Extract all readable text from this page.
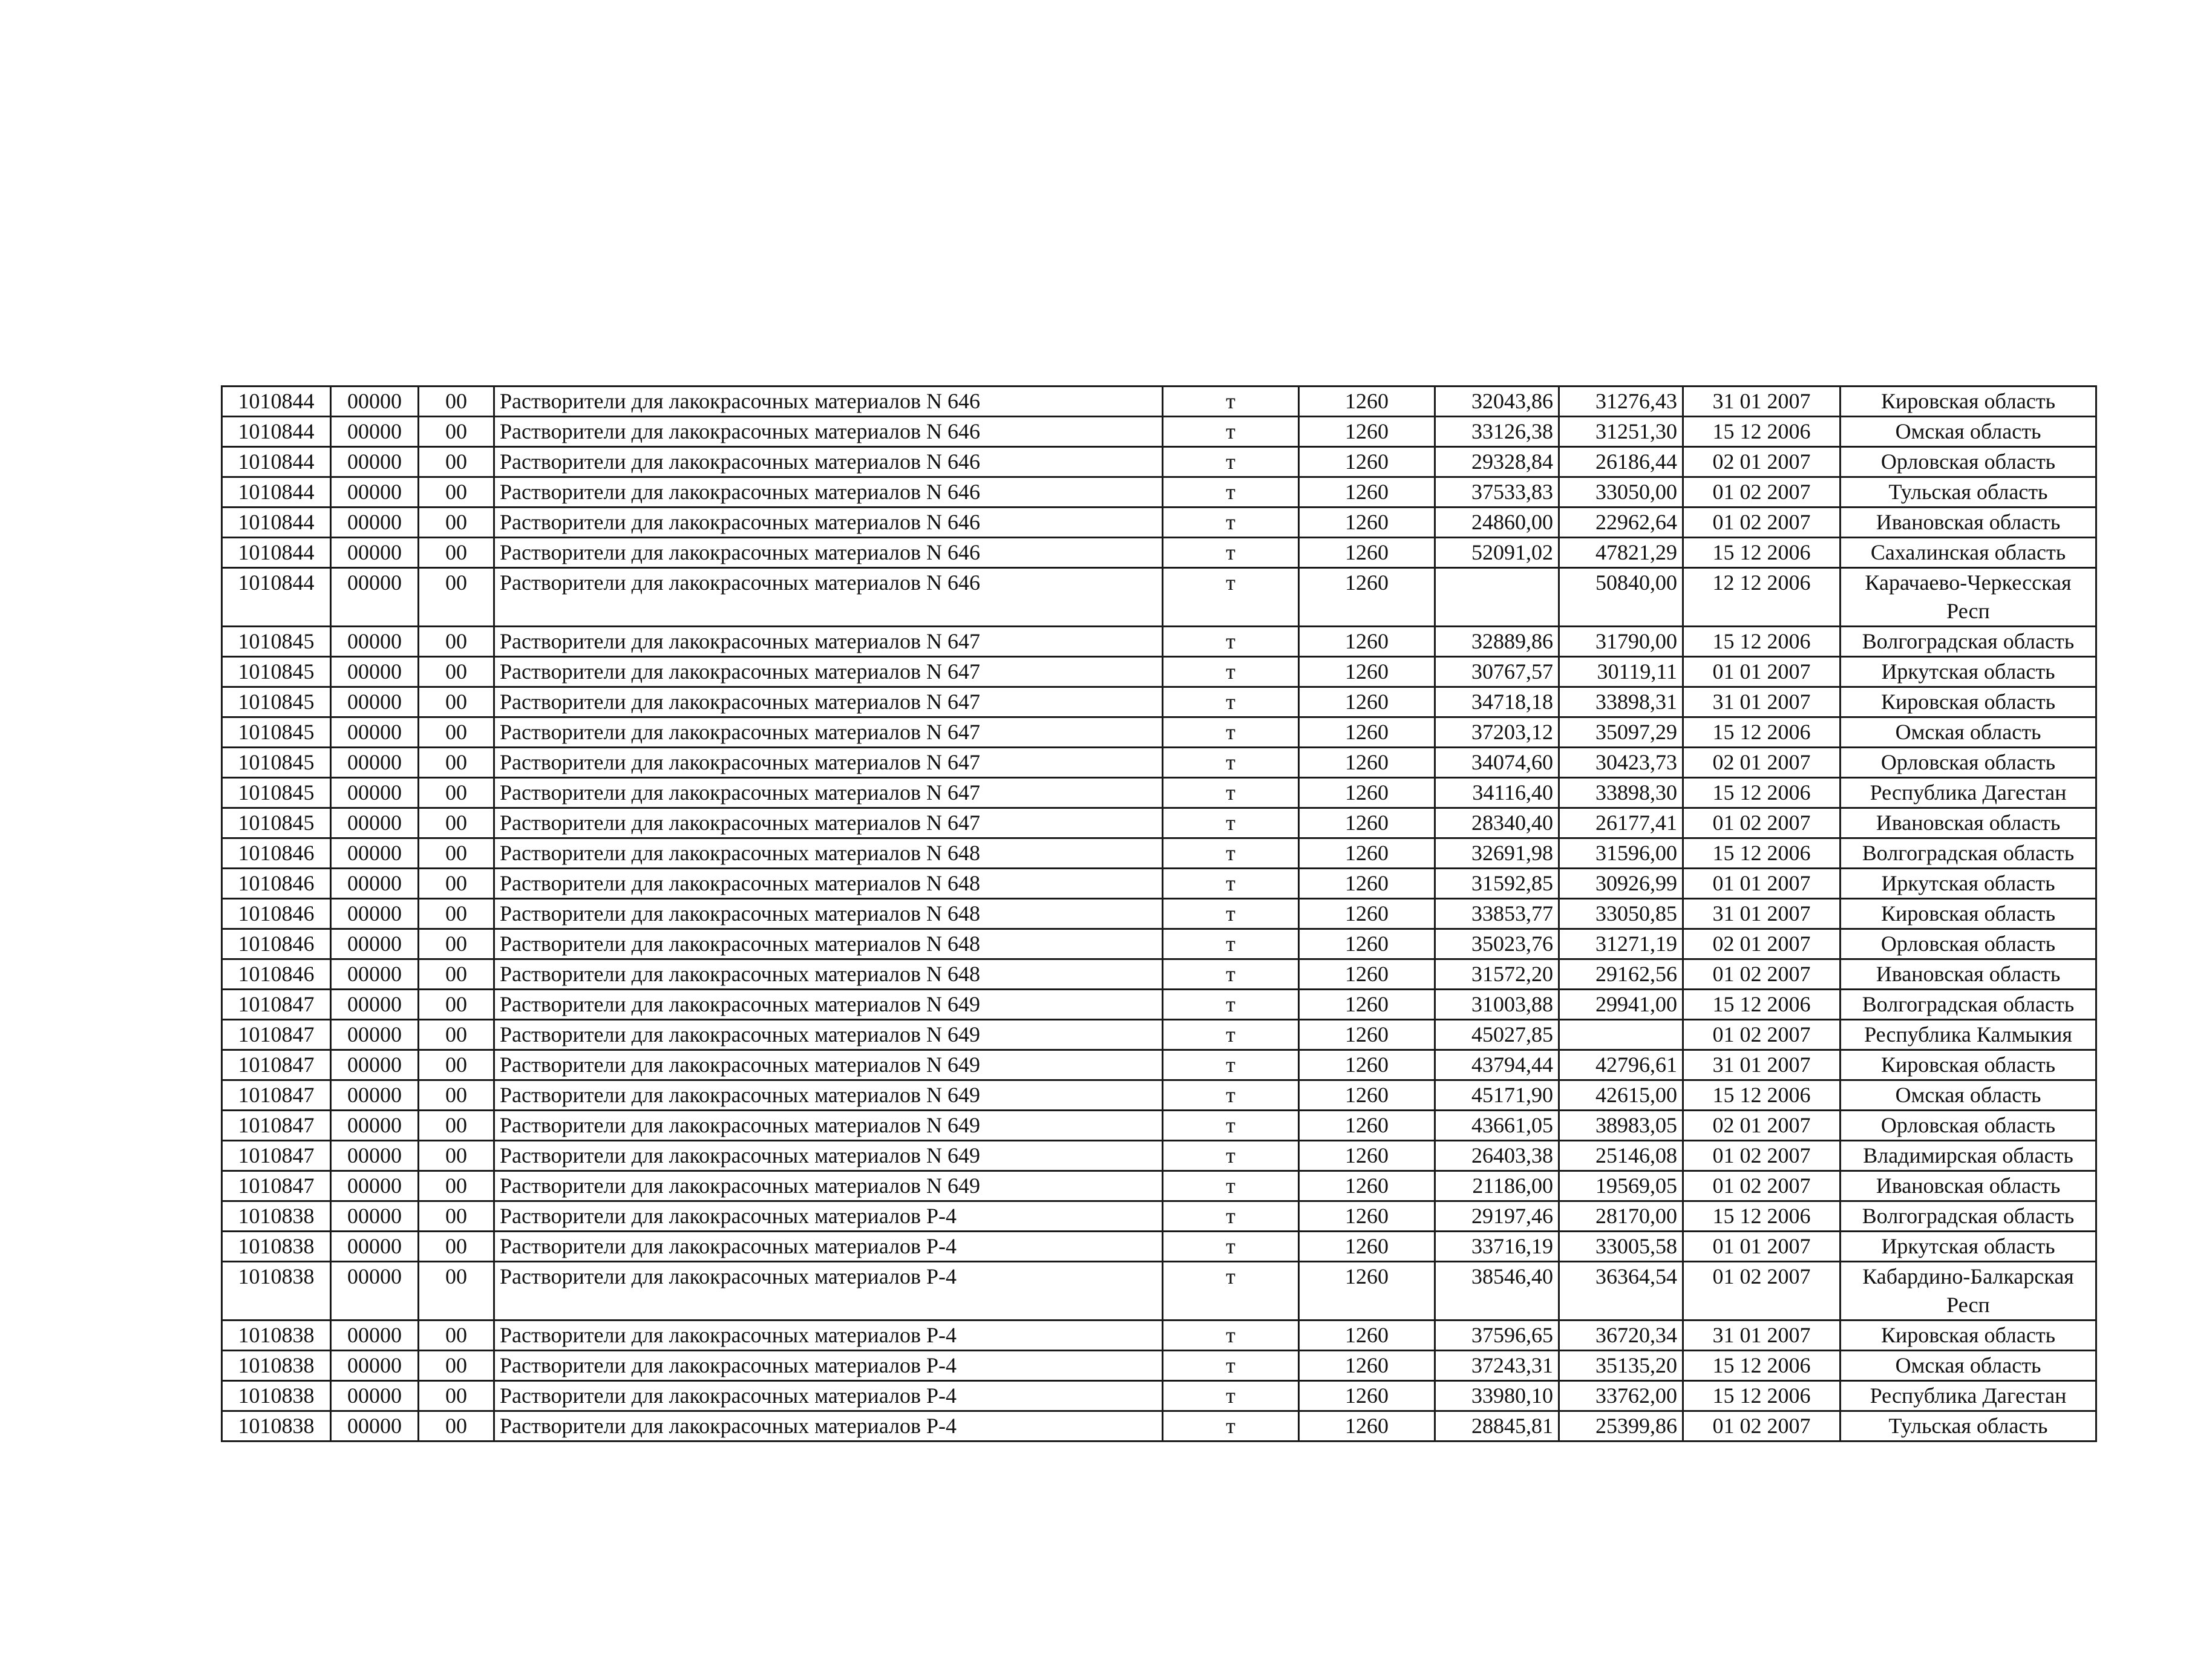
1010844	00000	00	Растворители для лакокрасочных материалов N 646	т	1260	32043,86	31276,43	31 01 2007	Кировская область
1010844	00000	00	Растворители для лакокрасочных материалов N 646	т	1260	33126,38	31251,30	15 12 2006	Омская область
1010844	00000	00	Растворители для лакокрасочных материалов N 646	т	1260	29328,84	26186,44	02 01 2007	Орловская область
1010844	00000	00	Растворители для лакокрасочных материалов N 646	т	1260	37533,83	33050,00	01 02 2007	Тульская область
1010844	00000	00	Растворители для лакокрасочных материалов N 646	т	1260	24860,00	22962,64	01 02 2007	Ивановская область
1010844	00000	00	Растворители для лакокрасочных материалов N 646	т	1260	52091,02	47821,29	15 12 2006	Сахалинская область
1010844	00000	00	Растворители для лакокрасочных материалов N 646	т	1260		50840,00	12 12 2006	Карачаево-Черкесская Респ
1010845	00000	00	Растворители для лакокрасочных материалов N 647	т	1260	32889,86	31790,00	15 12 2006	Волгоградская область
1010845	00000	00	Растворители для лакокрасочных материалов N 647	т	1260	30767,57	30119,11	01 01 2007	Иркутская область
1010845	00000	00	Растворители для лакокрасочных материалов N 647	т	1260	34718,18	33898,31	31 01 2007	Кировская область
1010845	00000	00	Растворители для лакокрасочных материалов N 647	т	1260	37203,12	35097,29	15 12 2006	Омская область
1010845	00000	00	Растворители для лакокрасочных материалов N 647	т	1260	34074,60	30423,73	02 01 2007	Орловская область
1010845	00000	00	Растворители для лакокрасочных материалов N 647	т	1260	34116,40	33898,30	15 12 2006	Республика Дагестан
1010845	00000	00	Растворители для лакокрасочных материалов N 647	т	1260	28340,40	26177,41	01 02 2007	Ивановская область
1010846	00000	00	Растворители для лакокрасочных материалов N 648	т	1260	32691,98	31596,00	15 12 2006	Волгоградская область
1010846	00000	00	Растворители для лакокрасочных материалов N 648	т	1260	31592,85	30926,99	01 01 2007	Иркутская область
1010846	00000	00	Растворители для лакокрасочных материалов N 648	т	1260	33853,77	33050,85	31 01 2007	Кировская область
1010846	00000	00	Растворители для лакокрасочных материалов N 648	т	1260	35023,76	31271,19	02 01 2007	Орловская область
1010846	00000	00	Растворители для лакокрасочных материалов N 648	т	1260	31572,20	29162,56	01 02 2007	Ивановская область
1010847	00000	00	Растворители для лакокрасочных материалов N 649	т	1260	31003,88	29941,00	15 12 2006	Волгоградская область
1010847	00000	00	Растворители для лакокрасочных материалов N 649	т	1260	45027,85		01 02 2007	Республика Калмыкия
1010847	00000	00	Растворители для лакокрасочных материалов N 649	т	1260	43794,44	42796,61	31 01 2007	Кировская область
1010847	00000	00	Растворители для лакокрасочных материалов N 649	т	1260	45171,90	42615,00	15 12 2006	Омская область
1010847	00000	00	Растворители для лакокрасочных материалов N 649	т	1260	43661,05	38983,05	02 01 2007	Орловская область
1010847	00000	00	Растворители для лакокрасочных материалов N 649	т	1260	26403,38	25146,08	01 02 2007	Владимирская область
1010847	00000	00	Растворители для лакокрасочных материалов N 649	т	1260	21186,00	19569,05	01 02 2007	Ивановская область
1010838	00000	00	Растворители для лакокрасочных материалов Р-4	т	1260	29197,46	28170,00	15 12 2006	Волгоградская область
1010838	00000	00	Растворители для лакокрасочных материалов Р-4	т	1260	33716,19	33005,58	01 01 2007	Иркутская область
1010838	00000	00	Растворители для лакокрасочных материалов Р-4	т	1260	38546,40	36364,54	01 02 2007	Кабардино-Балкарская Респ
1010838	00000	00	Растворители для лакокрасочных материалов Р-4	т	1260	37596,65	36720,34	31 01 2007	Кировская область
1010838	00000	00	Растворители для лакокрасочных материалов Р-4	т	1260	37243,31	35135,20	15 12 2006	Омская область
1010838	00000	00	Растворители для лакокрасочных материалов Р-4	т	1260	33980,10	33762,00	15 12 2006	Республика Дагестан
1010838	00000	00	Растворители для лакокрасочных материалов Р-4	т	1260	28845,81	25399,86	01 02 2007	Тульская область
